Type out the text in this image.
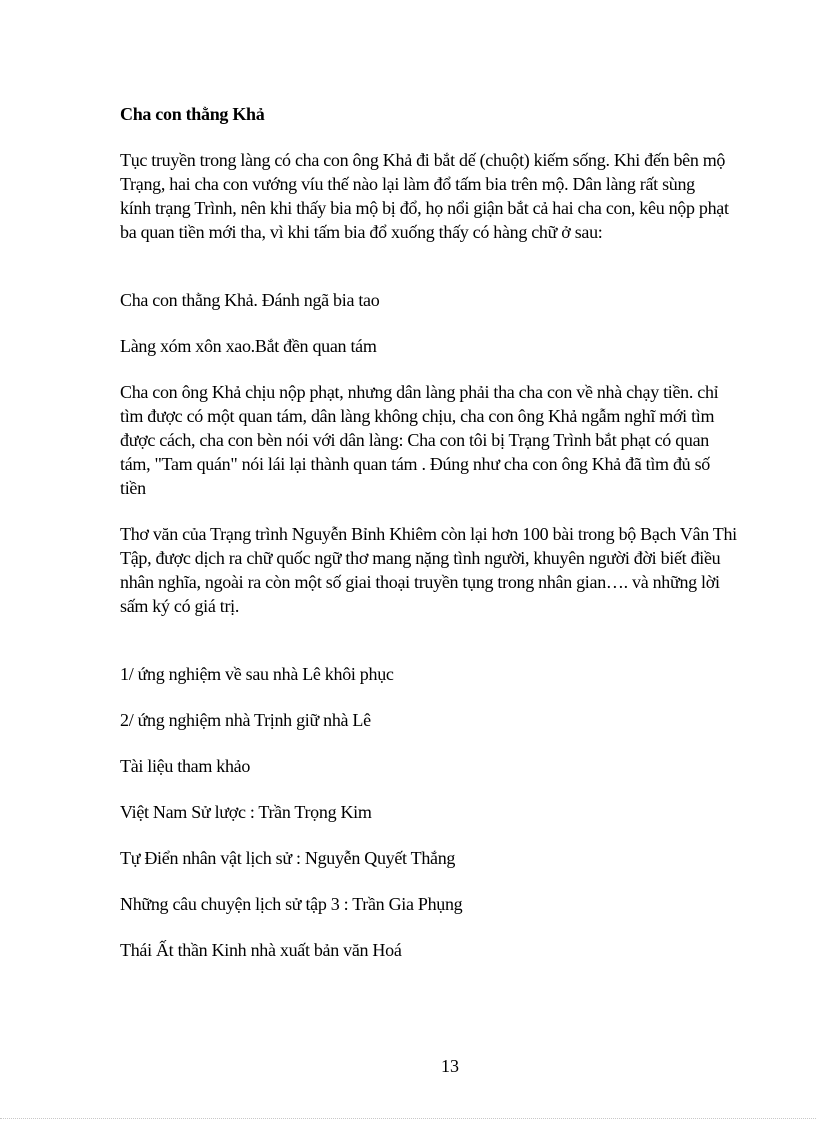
Cha con thằng Khả
Tục truyền trong làng có cha con ông Khả đi bắt dế (chuột) kiếm sống. Khi đến bên mộ
Trạng, hai cha con vướng víu thế nào lại làm đổ tấm bia trên mộ. Dân làng rất sùng
kính trạng Trình, nên khi thấy bia mộ bị đổ, họ nổi giận bắt cả hai cha con, kêu nộp phạt
ba quan tiền mới tha, vì khi tấm bia đổ xuống thấy có hàng chữ ở sau:
Cha con thằng Khả. Đánh ngã bia tao
Làng xóm xôn xao.Bắt đền quan tám
Cha con ông Khả chịu nộp phạt, nhưng dân làng phải tha cha con về nhà chạy tiền. chỉ
tìm được có một quan tám, dân làng không chịu, cha con ông Khả ngẫm nghĩ mới tìm
được cách, cha con bèn nói với dân làng: Cha con tôi bị Trạng Trình bắt phạt có quan
tám, "Tam quán" nói lái lại thành quan tám . Đúng như cha con ông Khả đã tìm đủ số
tiền
Thơ văn của Trạng trình Nguyễn Bỉnh Khiêm còn lại hơn 100 bài trong bộ Bạch Vân Thi
Tập, được dịch ra chữ quốc ngữ thơ mang nặng tình người, khuyên người đời biết điều
nhân nghĩa, ngoài ra còn một số giai thoại truyền tụng trong nhân gian…. và những lời
sấm ký có giá trị.
1/ ứng nghiệm về sau nhà Lê khôi phục
2/ ứng nghiệm nhà Trịnh giữ nhà Lê
Tài liệu tham khảo
Việt Nam Sử lược : Trần Trọng Kim
Tự Điển nhân vật lịch sử : Nguyễn Quyết Thắng
Những câu chuyện lịch sử tập 3 : Trần Gia Phụng
Thái Ất thần Kinh nhà xuất bản văn Hoá
13
